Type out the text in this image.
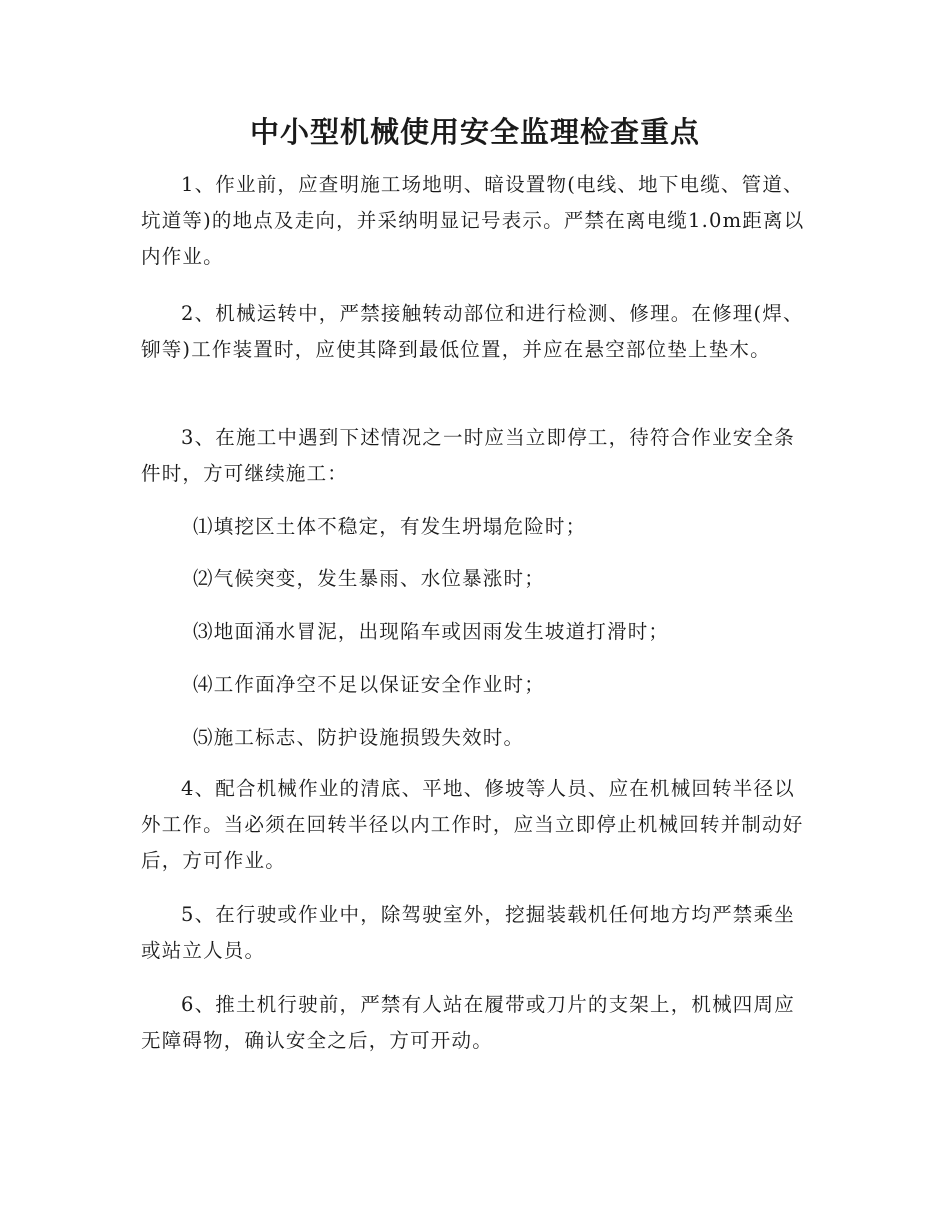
中小型机械使用安全监理检查重点

1、作业前，应查明施工场地明、暗设置物(电线、地下电缆、管道、坑道等)的地点及走向，并采纳明显记号表示。严禁在离电缆1.0m距离以内作业。

2、机械运转中，严禁接触转动部位和进行检测、修理。在修理(焊、铆等)工作装置时，应使其降到最低位置，并应在悬空部位垫上垫木。

3、在施工中遇到下述情况之一时应当立即停工，待符合作业安全条件时，方可继续施工：

⑴填挖区土体不稳定，有发生坍塌危险时；

⑵气候突变，发生暴雨、水位暴涨时；

⑶地面涌水冒泥，出现陷车或因雨发生坡道打滑时；

⑷工作面净空不足以保证安全作业时；

⑸施工标志、防护设施损毁失效时。

4、配合机械作业的清底、平地、修坡等人员、应在机械回转半径以外工作。当必须在回转半径以内工作时，应当立即停止机械回转并制动好后，方可作业。

5、在行驶或作业中，除驾驶室外，挖掘装载机任何地方均严禁乘坐或站立人员。

6、推土机行驶前，严禁有人站在履带或刀片的支架上，机械四周应无障碍物，确认安全之后，方可开动。
